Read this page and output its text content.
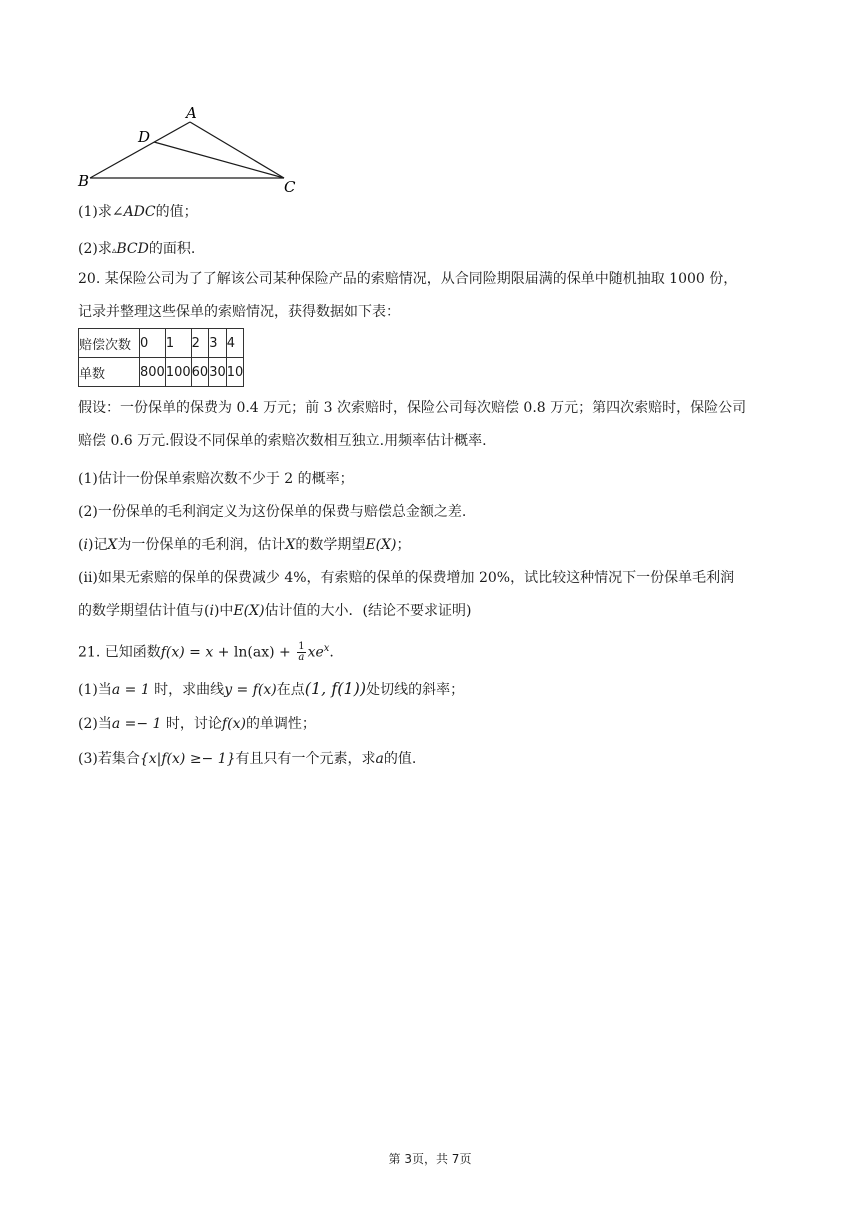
A
D
B	C
(1)求∠ADC的值；
(2)求▵BCD的面积.
20. 某保险公司为了了解该公司某种保险产品的索赔情况，从合同险期限届满的保单中随机抽取 1000 份，
记录并整理这些保单的索赔情况，获得数据如下表：
赔偿次数	0	1	2	3	4
单数	800	100	60	30	10
假设：一份保单的保费为 0.4 万元；前 3 次索赔时，保险公司每次赔偿 0.8 万元；第四次索赔时，保险公司
赔偿 0.6 万元.假设不同保单的索赔次数相互独立.用频率估计概率.
(1)估计一份保单索赔次数不少于 2 的概率；
(2)一份保单的毛利润定义为这份保单的保费与赔偿总金额之差.
(i)记X为一份保单的毛利润，估计X的数学期望E(X)；
(ii)如果无索赔的保单的保费减少 4%，有索赔的保单的保费增加 20%，试比较这种情况下一份保单毛利润
的数学期望估计值与(i)中E(X)估计值的大小．(结论不要求证明)
21. 已知函数$f(x) = x + \ln(ax) + \frac{1}{a} xe^x$.
(1)当a = 1 时，求曲线y = f(x)在点(1, f(1))处切线的斜率；
(2)当a =− 1 时，讨论f(x)的单调性；
(3)若集合{x|f(x) ≥− 1}有且只有一个元素，求a的值.
第 3页，共 7页
